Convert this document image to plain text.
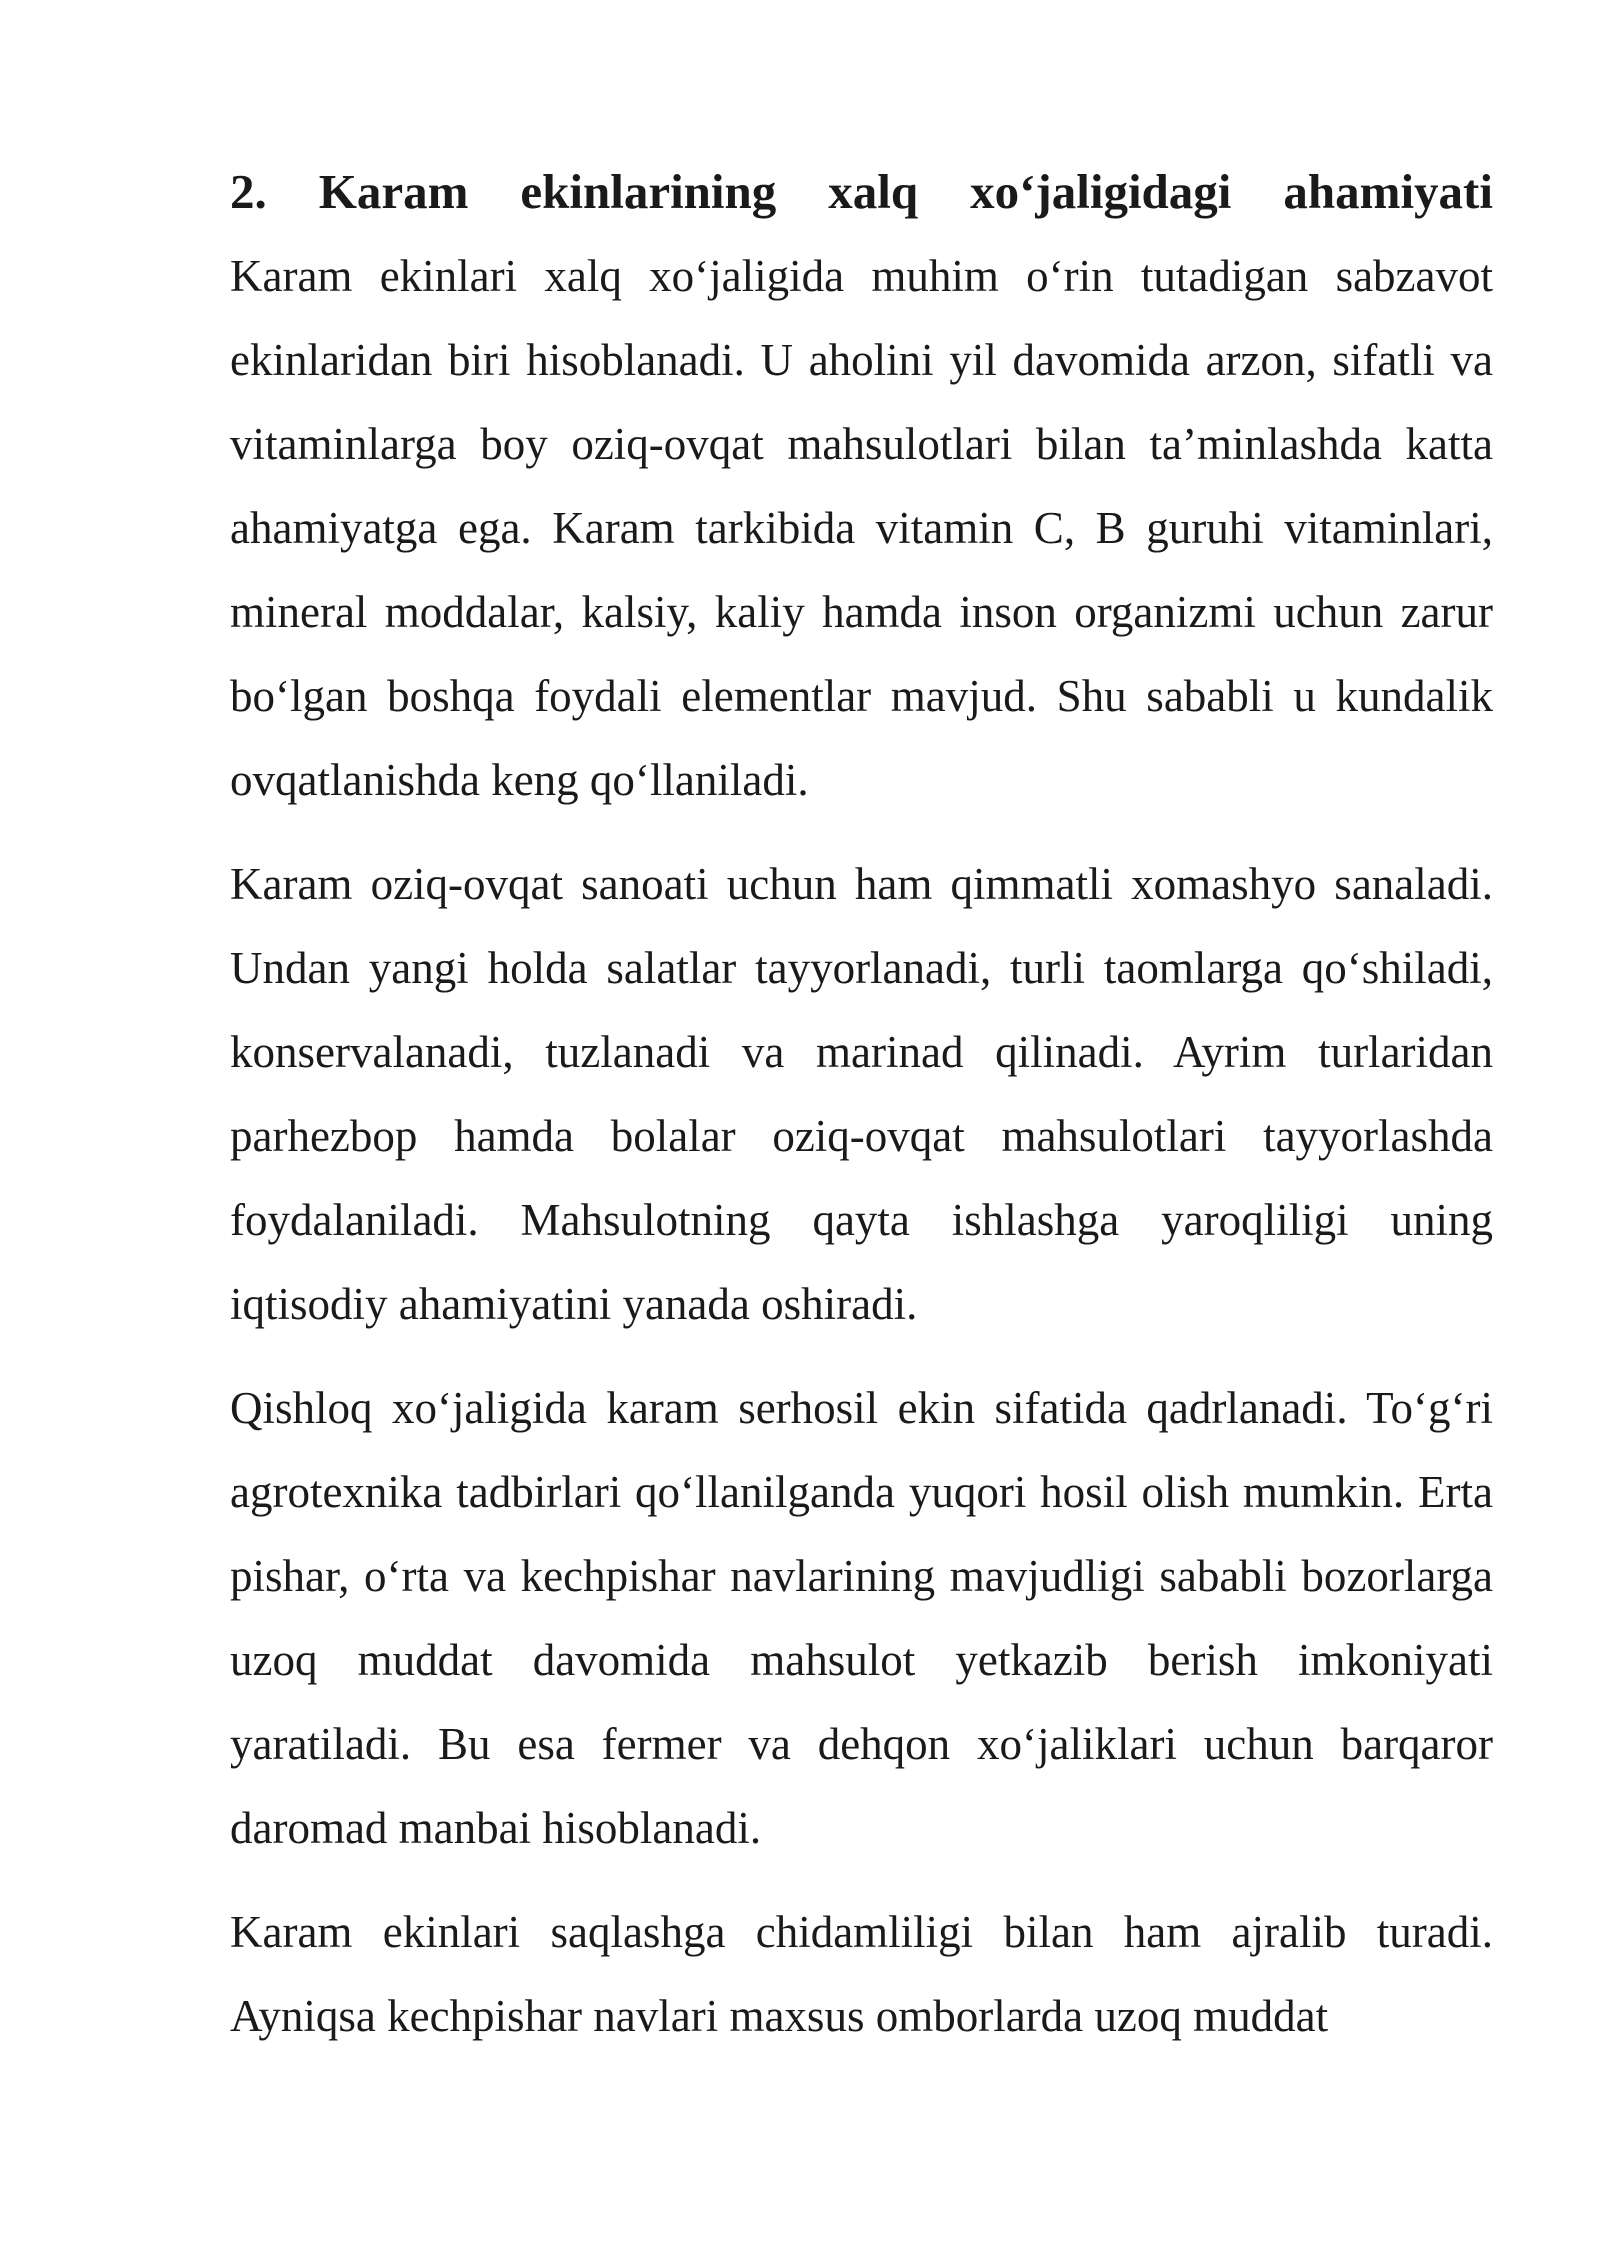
2. Karam ekinlarining xalq xo‘jaligidagi ahamiyati

Karam ekinlari xalq xo‘jaligida muhim o‘rin tutadigan sabzavot ekinlaridan biri hisoblanadi. U aholini yil davomida arzon, sifatli va vitaminlarga boy oziq-ovqat mahsulotlari bilan ta’minlashda katta ahamiyatga ega. Karam tarkibida vitamin C, B guruhi vitaminlari, mineral moddalar, kalsiy, kaliy hamda inson organizmi uchun zarur bo‘lgan boshqa foydali elementlar mavjud. Shu sababli u kundalik ovqatlanishda keng qo‘llaniladi.

Karam oziq-ovqat sanoati uchun ham qimmatli xomashyo sanaladi. Undan yangi holda salatlar tayyorlanadi, turli taomlarga qo‘shiladi, konservalanadi, tuzlanadi va marinad qilinadi. Ayrim turlaridan parhezbop hamda bolalar oziq-ovqat mahsulotlari tayyorlashda foydalaniladi. Mahsulotning qayta ishlashga yaroqliligi uning iqtisodiy ahamiyatini yanada oshiradi.

Qishloq xo‘jaligida karam serhosil ekin sifatida qadrlanadi. To‘g‘ri agrotexnika tadbirlari qo‘llanilganda yuqori hosil olish mumkin. Erta pishar, o‘rta va kechpishar navlarining mavjudligi sababli bozorlarga uzoq muddat davomida mahsulot yetkazib berish imkoniyati yaratiladi. Bu esa fermer va dehqon xo‘jaliklari uchun barqaror daromad manbai hisoblanadi.

Karam ekinlari saqlashga chidamliligi bilan ham ajralib turadi. Ayniqsa kechpishar navlari maxsus omborlarda uzoq muddat
